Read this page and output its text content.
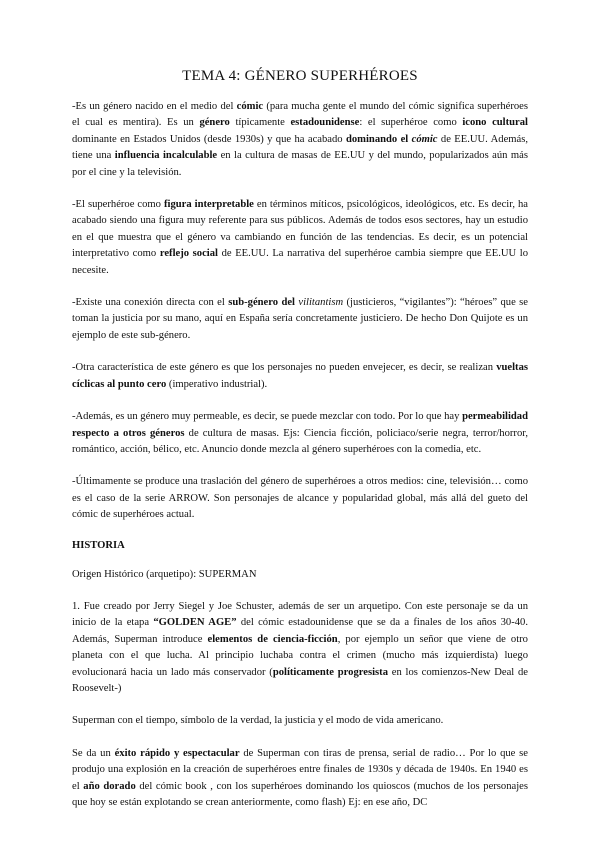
TEMA 4: GÉNERO SUPERHÉROES

-Es un género nacido en el medio del cómic (para mucha gente el mundo del cómic significa superhéroes el cual es mentira). Es un género típicamente estadounidense: el superhéroe como icono cultural dominante en Estados Unidos (desde 1930s) y que ha acabado dominando el cómic de EE.UU. Además, tiene una influencia incalculable en la cultura de masas de EE.UU y del mundo, popularizados aún más por el cine y la televisión.

-El superhéroe como figura interpretable en términos míticos, psicológicos, ideológicos, etc. Es decir, ha acabado siendo una figura muy referente para sus públicos. Además de todos esos sectores, hay un estudio en el que muestra que el género va cambiando en función de las tendencias. Es decir, es un potencial interpretativo como reflejo social de EE.UU. La narrativa del superhéroe cambia siempre que EE.UU lo necesite.

-Existe una conexión directa con el sub-género del vilitantism (justicieros, “vigilantes”): “héroes” que se toman la justicia por su mano, aquí en España sería concretamente justiciero. De hecho Don Quijote es un ejemplo de este sub-género.

-Otra característica de este género es que los personajes no pueden envejecer, es decir, se realizan vueltas cíclicas al punto cero (imperativo industrial).

-Además, es un género muy permeable, es decir, se puede mezclar con todo. Por lo que hay permeabilidad respecto a otros géneros de cultura de masas. Ejs: Ciencia ficción, policiaco/serie negra, terror/horror, romántico, acción, bélico, etc. Anuncio donde mezcla al género superhéroes con la comedia, etc.

-Últimamente se produce una traslación del género de superhéroes a otros medios: cine, televisión… como es el caso de la serie ARROW. Son personajes de alcance y popularidad global, más allá del gueto del cómic de superhéroes actual.

HISTORIA

Origen Histórico (arquetipo): SUPERMAN

1. Fue creado por Jerry Siegel y Joe Schuster, además de ser un arquetipo. Con este personaje se da un inicio de la etapa “GOLDEN AGE” del cómic estadounidense que se da a finales de los años 30-40. Además, Superman introduce elementos de ciencia-ficción, por ejemplo un señor que viene de otro planeta con el que lucha. Al principio luchaba contra el crimen (mucho más izquierdista) luego evolucionará hacia un lado más conservador (políticamente progresista en los comienzos-New Deal de Roosevelt-)

Superman con el tiempo, símbolo de la verdad, la justicia y el modo de vida americano.

Se da un éxito rápido y espectacular de Superman con tiras de prensa, serial de radio… Por lo que se produjo una explosión en la creación de superhéroes entre finales de 1930s y década de 1940s. En 1940 es el año dorado del cómic book , con los superhéroes dominando los quioscos (muchos de los personajes que hoy se están explotando se crean anteriormente, como flash) Ej: en ese año, DC
